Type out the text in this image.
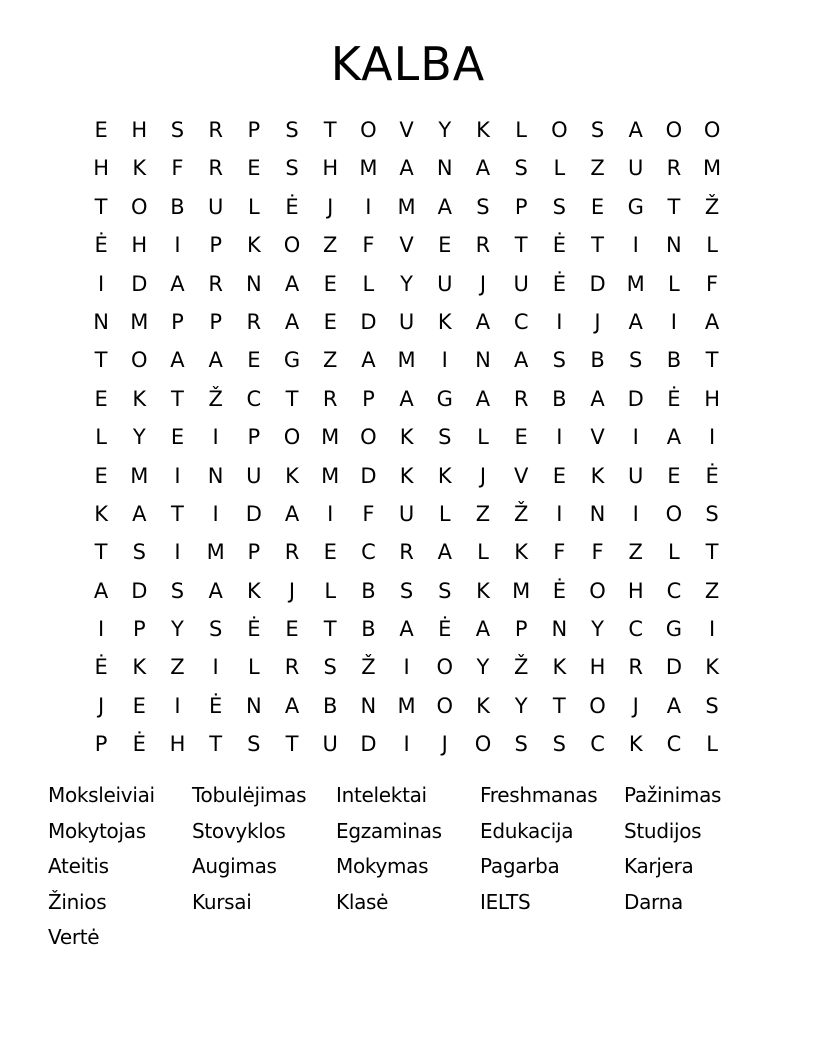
KALBA
E	H	S	R	P	S	T	O	V	Y	K	L	O	S	A	O	O
H	K	F	R	E	S	H	M	A	N	A	S	L	Z	U	R	M
T	O	B	U	L	Ė	J	I	M	A	S	P	S	E	G	T	Ž
Ė	H	I	P	K	O	Z	F	V	E	R	T	Ė	T	I	N	L
I	D	A	R	N	A	E	L	Y	U	J	U	Ė	D	M	L	F
N	M	P	P	R	A	E	D	U	K	A	C	I	J	A	I	A
T	O	A	A	E	G	Z	A	M	I	N	A	S	B	S	B	T
E	K	T	Ž	C	T	R	P	A	G	A	R	B	A	D	Ė	H
L	Y	E	I	P	O M O	K	S	L	E	I	V	I	A	I
E	M	I	N	U	K	M	D	K	K	J	V	E	K	U	E	Ė
K	A	T	I	D	A	I	F	U	L	Z	Ž	I	N	I	O	S
T	S	I	M	P	R	E	C	R	A	L	K	F	F	Z	L	T
A	D	S	A	K	J	L	B	S	S	K	M	Ė	O	H	C	Z
I	P	Y	S	Ė	E	T	B	A	Ė	A	P	N	Y	C	G	I
Ė	K	Z	I	L	R	S	Ž	I	O	Y	Ž	K	H	R	D	K
J	E	I	Ė	N	A	B	N	M O	K	Y	T	O	J	A	S
P	Ė	H	T	S	T	U	D	I	J	O	S	S	C	K	C	L
Moksleiviai	Tobulėjimas	Intelektai	Freshmanas	Pažinimas
Mokytojas	Stovyklos	Egzaminas	Edukacija	Studijos
Ateitis	Augimas	Mokymas	Pagarba	Karjera
Žinios	Kursai	Klasė	IELTS	Darna
Vertė
